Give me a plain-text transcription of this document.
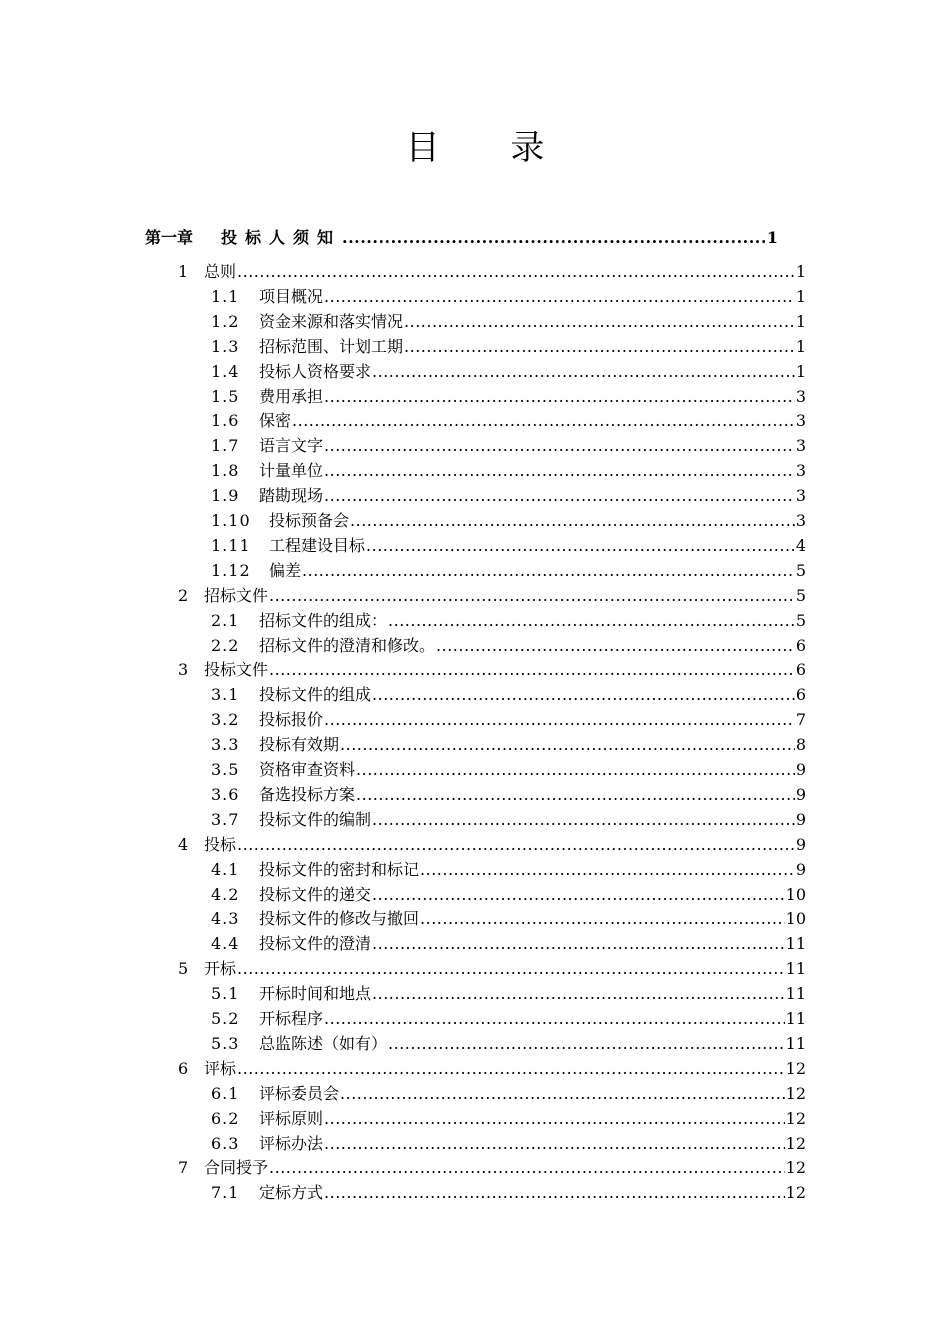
目 录
第一章	投标人须知 .....	1
1 总则 .....	1
1.1	项目概况 .....	1
1.2	资金来源和落实情况 .....	1
1.3	招标范围、计划工期 .....	1
1.4	投标人资格要求 .....	1
1.5	费用承担 .....	3
1.6	保密 .....	3
1.7	语言文字 .....	3
1.8	计量单位 .....	3
1.9	踏勘现场 .....	3
1.10	投标预备会 .....	3
1.11	工程建设目标 .....	4
1.12	偏差 .....	5
2 招标文件 .....	5
2.1	招标文件的组成： .....	5
2.2	招标文件的澄清和修改。 .....	6
3 投标文件 .....	6
3.1	投标文件的组成 .....	6
3.2	投标报价 .....	7
3.3	投标有效期 .....	8
3.5	资格审查资料 .....	9
3.6	备选投标方案 .....	9
3.7	投标文件的编制 .....	9
4 投标 .....	9
4.1	投标文件的密封和标记 .....	9
4.2	投标文件的递交 .....	10
4.3	投标文件的修改与撤回 .....	10
4.4	投标文件的澄清 .....	11
5 开标 .....	11
5.1	开标时间和地点 .....	11
5.2	开标程序 .....	11
5.3	总监陈述（如有） .....	11
6 评标 .....	12
6.1	评标委员会 .....	12
6.2	评标原则 .....	12
6.3	评标办法 .....	12
7 合同授予 .....	12
7.1	定标方式 .....	12
